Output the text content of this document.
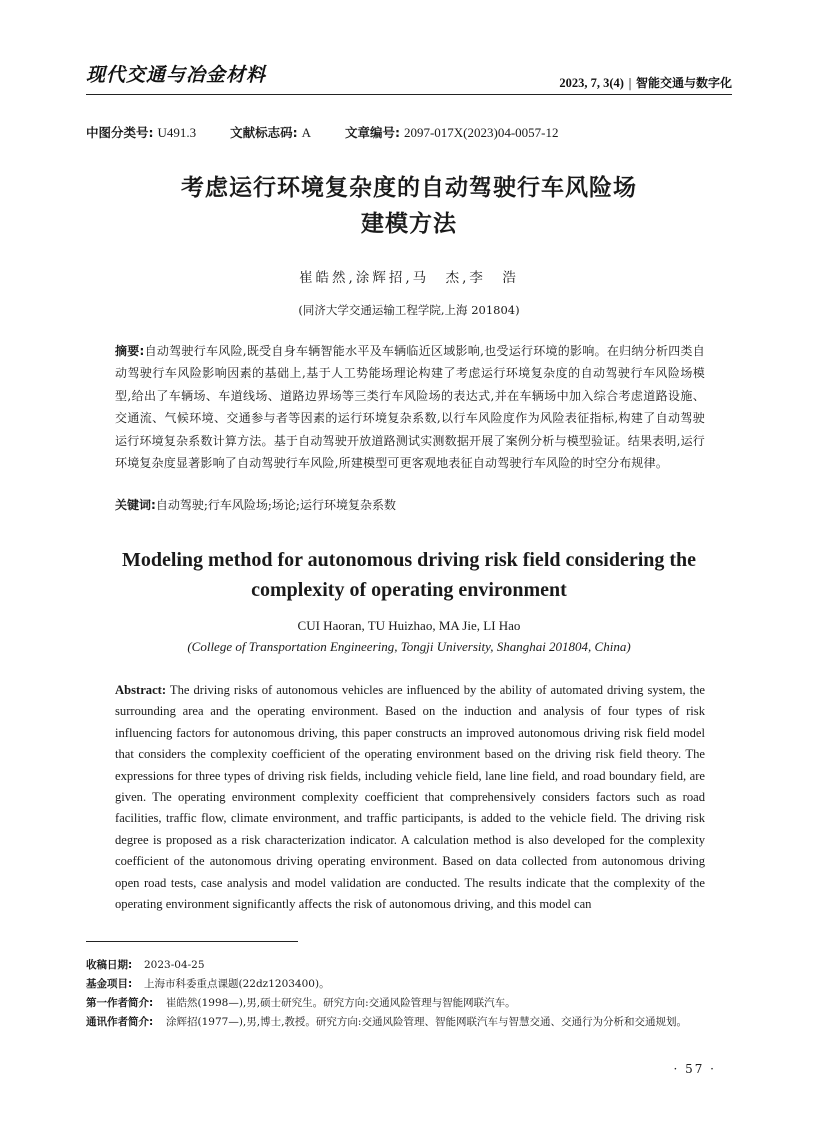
现代交通与冶金材料	2023, 7, 3(4) | 智能交通与数字化
中图分类号: U491.3	文献标志码: A	文章编号: 2097-017X(2023)04-0057-12
考虑运行环境复杂度的自动驾驶行车风险场
建模方法
崔皓然,涂辉招,马　杰,李　浩
(同济大学交通运输工程学院,上海 201804)
摘要:自动驾驶行车风险,既受自身车辆智能水平及车辆临近区域影响,也受运行环境的影响。在归纳分析四类自动驾驶行车风险影响因素的基础上,基于人工势能场理论构建了考虑运行环境复杂度的自动驾驶行车风险场模型,给出了车辆场、车道线场、道路边界场等三类行车风险场的表达式,并在车辆场中加入综合考虑道路设施、交通流、气候环境、交通参与者等因素的运行环境复杂系数,以行车风险度作为风险表征指标,构建了自动驾驶运行环境复杂系数计算方法。基于自动驾驶开放道路测试实测数据开展了案例分析与模型验证。结果表明,运行环境复杂度显著影响了自动驾驶行车风险,所建模型可更客观地表征自动驾驶行车风险的时空分布规律。
关键词:自动驾驶;行车风险场;场论;运行环境复杂系数
Modeling method for autonomous driving risk field considering the complexity of operating environment
CUI Haoran, TU Huizhao, MA Jie, LI Hao
(College of Transportation Engineering, Tongji University, Shanghai 201804, China)
Abstract: The driving risks of autonomous vehicles are influenced by the ability of automated driving system, the surrounding area and the operating environment. Based on the induction and analysis of four types of risk influencing factors for autonomous driving, this paper constructs an improved autonomous driving risk field model that considers the complexity coefficient of the operating environment based on the driving risk field theory. The expressions for three types of driving risk fields, including vehicle field, lane line field, and road boundary field, are given. The operating environment complexity coefficient that comprehensively considers factors such as road facilities, traffic flow, climate environment, and traffic participants, is added to the vehicle field. The driving risk degree is proposed as a risk characterization indicator. A calculation method is also developed for the complexity coefficient of the autonomous driving operating environment. Based on data collected from autonomous driving open road tests, case analysis and model validation are conducted. The results indicate that the complexity of the operating environment significantly affects the risk of autonomous driving, and this model can
收稿日期: 2023-04-25
基金项目: 上海市科委重点课题(22dz1203400)。
第一作者简介: 崔皓然(1998—),男,硕士研究生。研究方向:交通风险管理与智能网联汽车。
通讯作者简介: 涂辉招(1977—),男,博士,教授。研究方向:交通风险管理、智能网联汽车与智慧交通、交通行为分析和交通规划。
· 57 ·
